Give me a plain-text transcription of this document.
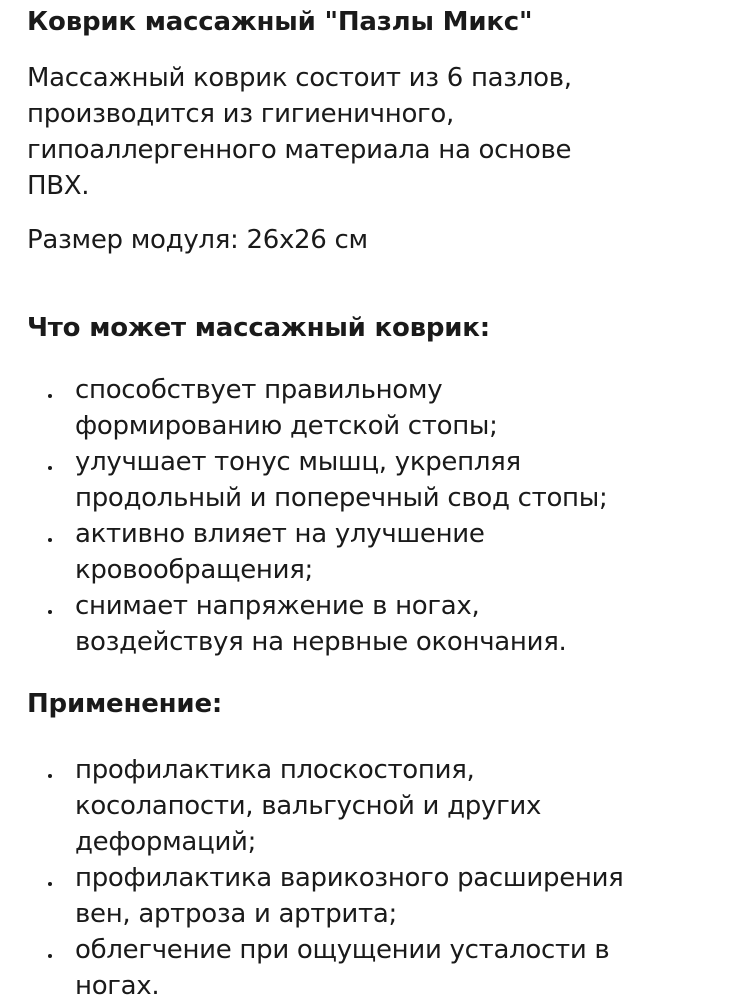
Коврик массажный "Пазлы Микс"

Массажный коврик состоит из 6 пазлов,
производится из гигиеничного,
гипоаллергенного материала на основе
ПВХ.

Размер модуля: 26х26 см

Что может массажный коврик:
способствует правильному
формированию детской стопы;
улучшает тонус мышц, укрепляя
продольный и поперечный свод стопы;
активно влияет на улучшение
кровообращения;
снимает напряжение в ногах,
воздействуя на нервные окончания.
Применение:
профилактика плоскостопия,
косолапости, вальгусной и других
деформаций;
профилактика варикозного расширения
вен, артроза и артрита;
облегчение при ощущении усталости в
ногах.
